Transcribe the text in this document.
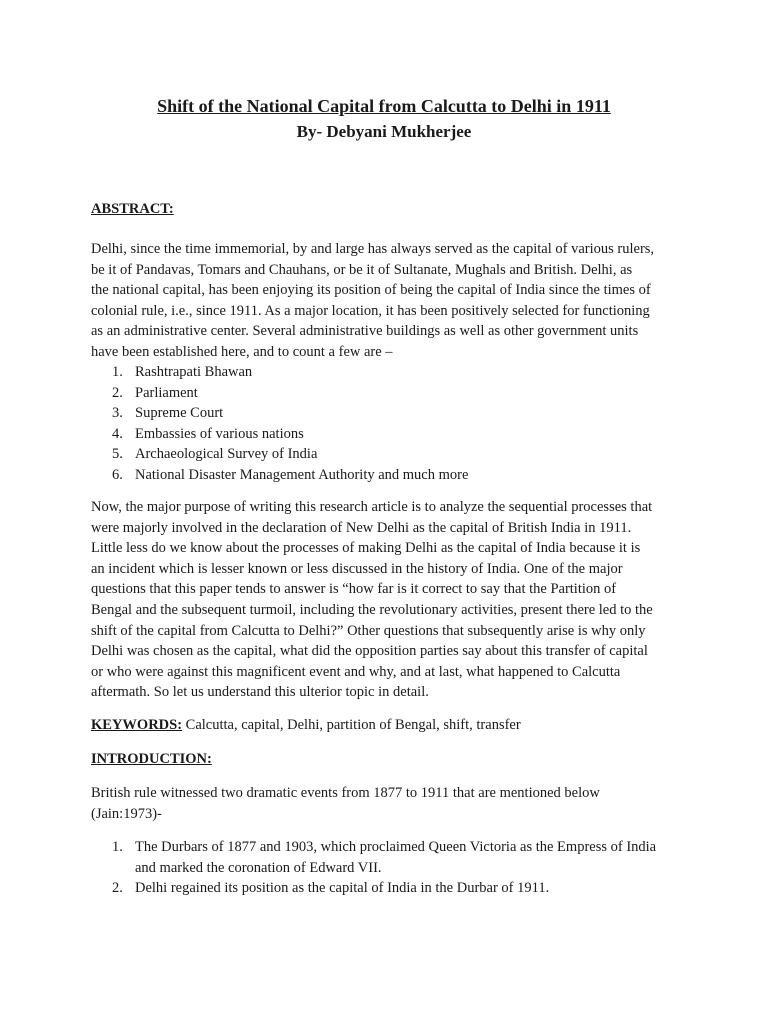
Shift of the National Capital from Calcutta to Delhi in 1911
By- Debyani Mukherjee
ABSTRACT:
Delhi, since the time immemorial, by and large has always served as the capital of various rulers,
be it of Pandavas, Tomars and Chauhans, or be it of Sultanate, Mughals and British. Delhi, as
the national capital, has been enjoying its position of being the capital of India since the times of
colonial rule, i.e., since 1911. As a major location, it has been positively selected for functioning
as an administrative center. Several administrative buildings as well as other government units
have been established here, and to count a few are –
1. Rashtrapati Bhawan
2. Parliament
3. Supreme Court
4. Embassies of various nations
5. Archaeological Survey of India
6. National Disaster Management Authority and much more
Now, the major purpose of writing this research article is to analyze the sequential processes that
were majorly involved in the declaration of New Delhi as the capital of British India in 1911.
Little less do we know about the processes of making Delhi as the capital of India because it is
an incident which is lesser known or less discussed in the history of India. One of the major
questions that this paper tends to answer is “how far is it correct to say that the Partition of
Bengal and the subsequent turmoil, including the revolutionary activities, present there led to the
shift of the capital from Calcutta to Delhi?” Other questions that subsequently arise is why only
Delhi was chosen as the capital, what did the opposition parties say about this transfer of capital
or who were against this magnificent event and why, and at last, what happened to Calcutta
aftermath. So let us understand this ulterior topic in detail.
KEYWORDS: Calcutta, capital, Delhi, partition of Bengal, shift, transfer
INTRODUCTION:
British rule witnessed two dramatic events from 1877 to 1911 that are mentioned below
(Jain:1973)-
1. The Durbars of 1877 and 1903, which proclaimed Queen Victoria as the Empress of India
and marked the coronation of Edward VII.
2. Delhi regained its position as the capital of India in the Durbar of 1911.
